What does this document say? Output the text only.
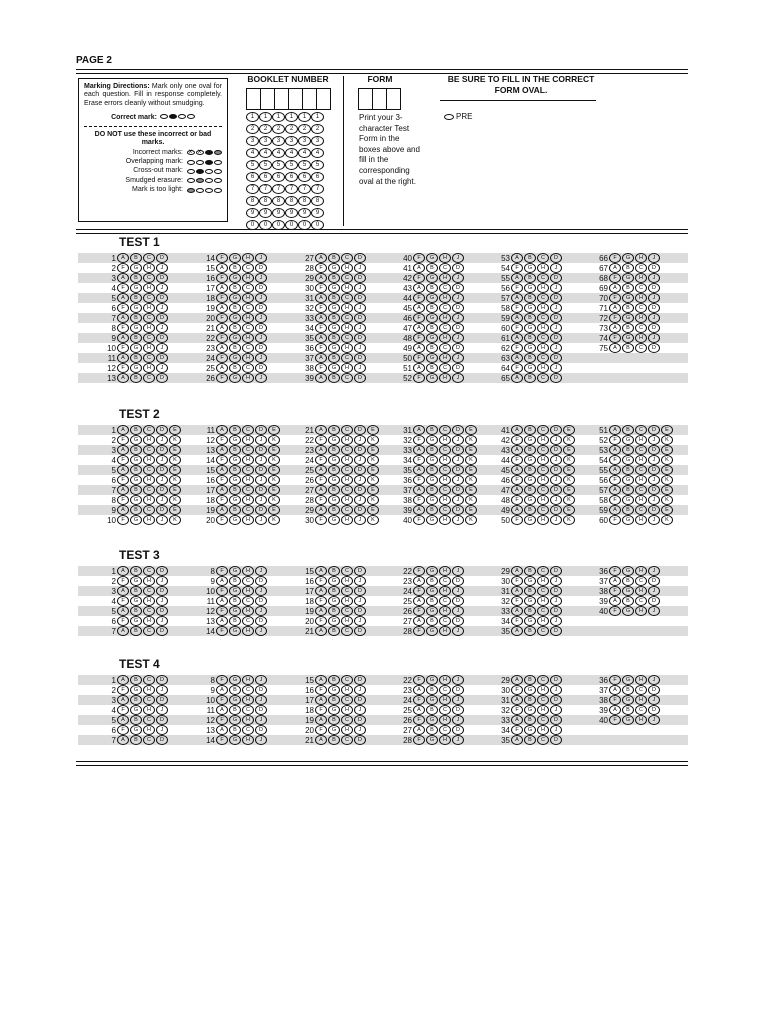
PAGE 2
Marking Directions: Mark only one oval for each question. Fill in response completely. Erase errors cleanly without smudging.
Correct mark:
DO NOT use these incorrect or bad marks.
Incorrect marks:
x
x
Overlapping mark:
Cross-out mark:
Smudged erasure:
Mark is too light:
BOOKLET NUMBER
1
2
3
4
5
6
7
8
9
0
1
2
3
4
5
6
7
8
9
0
1
2
3
4
5
6
7
8
9
0
1
2
3
4
5
6
7
8
9
0
1
2
3
4
5
6
7
8
9
0
1
2
3
4
5
6
7
8
9
0
FORM
Print your 3-character Test Form in the boxes above and fill in the corresponding oval at the right.
BE SURE TO FILL IN THE CORRECT FORM OVAL.
PRE
TEST 1
1 A	B	C	D
2 F	G	H	J
3 A	B	C	D
4 F	G	H	J
5 A	B	C	D
6 F	G	H	J
7 A	B	C	D
8 F	G	H	J
9 A	B	C	D
10 F	G	H	J
11 A	B	C	D
12 F	G	H	J
13 A	B	C	D
14 F	G	H	J
15 A	B	C	D
16 F	G	H	J
17 A	B	C	D
18 F	G	H	J
19 A	B	C	D
20 F	G	H	J
21 A	B	C	D
22 F	G	H	J
23 A	B	C	D
24 F	G	H	J
25 A	B	C	D
26 F	G	H	J
27 A	B	C	D
28 F	G	H	J
29 A	B	C	D
30 F	G	H	J
31 A	B	C	D
32 F	G	H	J
33 A	B	C	D
34 F	G	H	J
35 A	B	C	D
36 F	G	H	J
37 A	B	C	D
38 F	G	H	J
39 A	B	C	D
40 F	G	H	J
41 A	B	C	D
42 F	G	H	J
43 A	B	C	D
44 F	G	H	J
45 A	B	C	D
46 F	G	H	J
47 A	B	C	D
48 F	G	H	J
49 A	B	C	D
50 F	G	H	J
51 A	B	C	D
52 F	G	H	J
53 A	B	C	D
54 F	G	H	J
55 A	B	C	D
56 F	G	H	J
57 A	B	C	D
58 F	G	H	J
59 A	B	C	D
60 F	G	H	J
61 A	B	C	D
62 F	G	H	J
63 A	B	C	D
64 F	G	H	J
65 A	B	C	D
66 F	G	H	J
67 A	B	C	D
68 F	G	H	J
69 A	B	C	D
70 F	G	H	J
71 A	B	C	D
72 F	G	H	J
73 A	B	C	D
74 F	G	H	J
75 A	B	C	D
TEST 2
1 A	B	C	D	E
2 F	G	H	J	K
3 A	B	C	D	E
4 F	G	H	J	K
5 A	B	C	D	E
6 F	G	H	J	K
7 A	B	C	D	E
8 F	G	H	J	K
9 A	B	C	D	E
10 F	G	H	J	K
11 A	B	C	D	E
12 F	G	H	J	K
13 A	B	C	D	E
14 F	G	H	J	K
15 A	B	C	D	E
16 F	G	H	J	K
17 A	B	C	D	E
18 F	G	H	J	K
19 A	B	C	D	E
20 F	G	H	J	K
21 A	B	C	D	E
22 F	G	H	J	K
23 A	B	C	D	E
24 F	G	H	J	K
25 A	B	C	D	E
26 F	G	H	J	K
27 A	B	C	D	E
28 F	G	H	J	K
29 A	B	C	D	E
30 F	G	H	J	K
31 A	B	C	D	E
32 F	G	H	J	K
33 A	B	C	D	E
34 F	G	H	J	K
35 A	B	C	D	E
36 F	G	H	J	K
37 A	B	C	D	E
38 F	G	H	J	K
39 A	B	C	D	E
40 F	G	H	J	K
41 A	B	C	D	E
42 F	G	H	J	K
43 A	B	C	D	E
44 F	G	H	J	K
45 A	B	C	D	E
46 F	G	H	J	K
47 A	B	C	D	E
48 F	G	H	J	K
49 A	B	C	D	E
50 F	G	H	J	K
51 A	B	C	D	E
52 F	G	H	J	K
53 A	B	C	D	E
54 F	G	H	J	K
55 A	B	C	D	E
56 F	G	H	J	K
57 A	B	C	D	E
58 F	G	H	J	K
59 A	B	C	D	E
60 F	G	H	J	K
TEST 3
1 A	B	C	D
2 F	G	H	J
3 A	B	C	D
4 F	G	H	J
5 A	B	C	D
6 F	G	H	J
7 A	B	C	D
8 F	G	H	J
9 A	B	C	D
10 F	G	H	J
11 A	B	C	D
12 F	G	H	J
13 A	B	C	D
14 F	G	H	J
15 A	B	C	D
16 F	G	H	J
17 A	B	C	D
18 F	G	H	J
19 A	B	C	D
20 F	G	H	J
21 A	B	C	D
22 F	G	H	J
23 A	B	C	D
24 F	G	H	J
25 A	B	C	D
26 F	G	H	J
27 A	B	C	D
28 F	G	H	J
29 A	B	C	D
30 F	G	H	J
31 A	B	C	D
32 F	G	H	J
33 A	B	C	D
34 F	G	H	J
35 A	B	C	D
36 F	G	H	J
37 A	B	C	D
38 F	G	H	J
39 A	B	C	D
40 F	G	H	J
TEST 4
1 A	B	C	D
2 F	G	H	J
3 A	B	C	D
4 F	G	H	J
5 A	B	C	D
6 F	G	H	J
7 A	B	C	D
8 F	G	H	J
9 A	B	C	D
10 F	G	H	J
11 A	B	C	D
12 F	G	H	J
13 A	B	C	D
14 F	G	H	J
15 A	B	C	D
16 F	G	H	J
17 A	B	C	D
18 F	G	H	J
19 A	B	C	D
20 F	G	H	J
21 A	B	C	D
22 F	G	H	J
23 A	B	C	D
24 F	G	H	J
25 A	B	C	D
26 F	G	H	J
27 A	B	C	D
28 F	G	H	J
29 A	B	C	D
30 F	G	H	J
31 A	B	C	D
32 F	G	H	J
33 A	B	C	D
34 F	G	H	J
35 A	B	C	D
36 F	G	H	J
37 A	B	C	D
38 F	G	H	J
39 A	B	C	D
40 F	G	H	J
